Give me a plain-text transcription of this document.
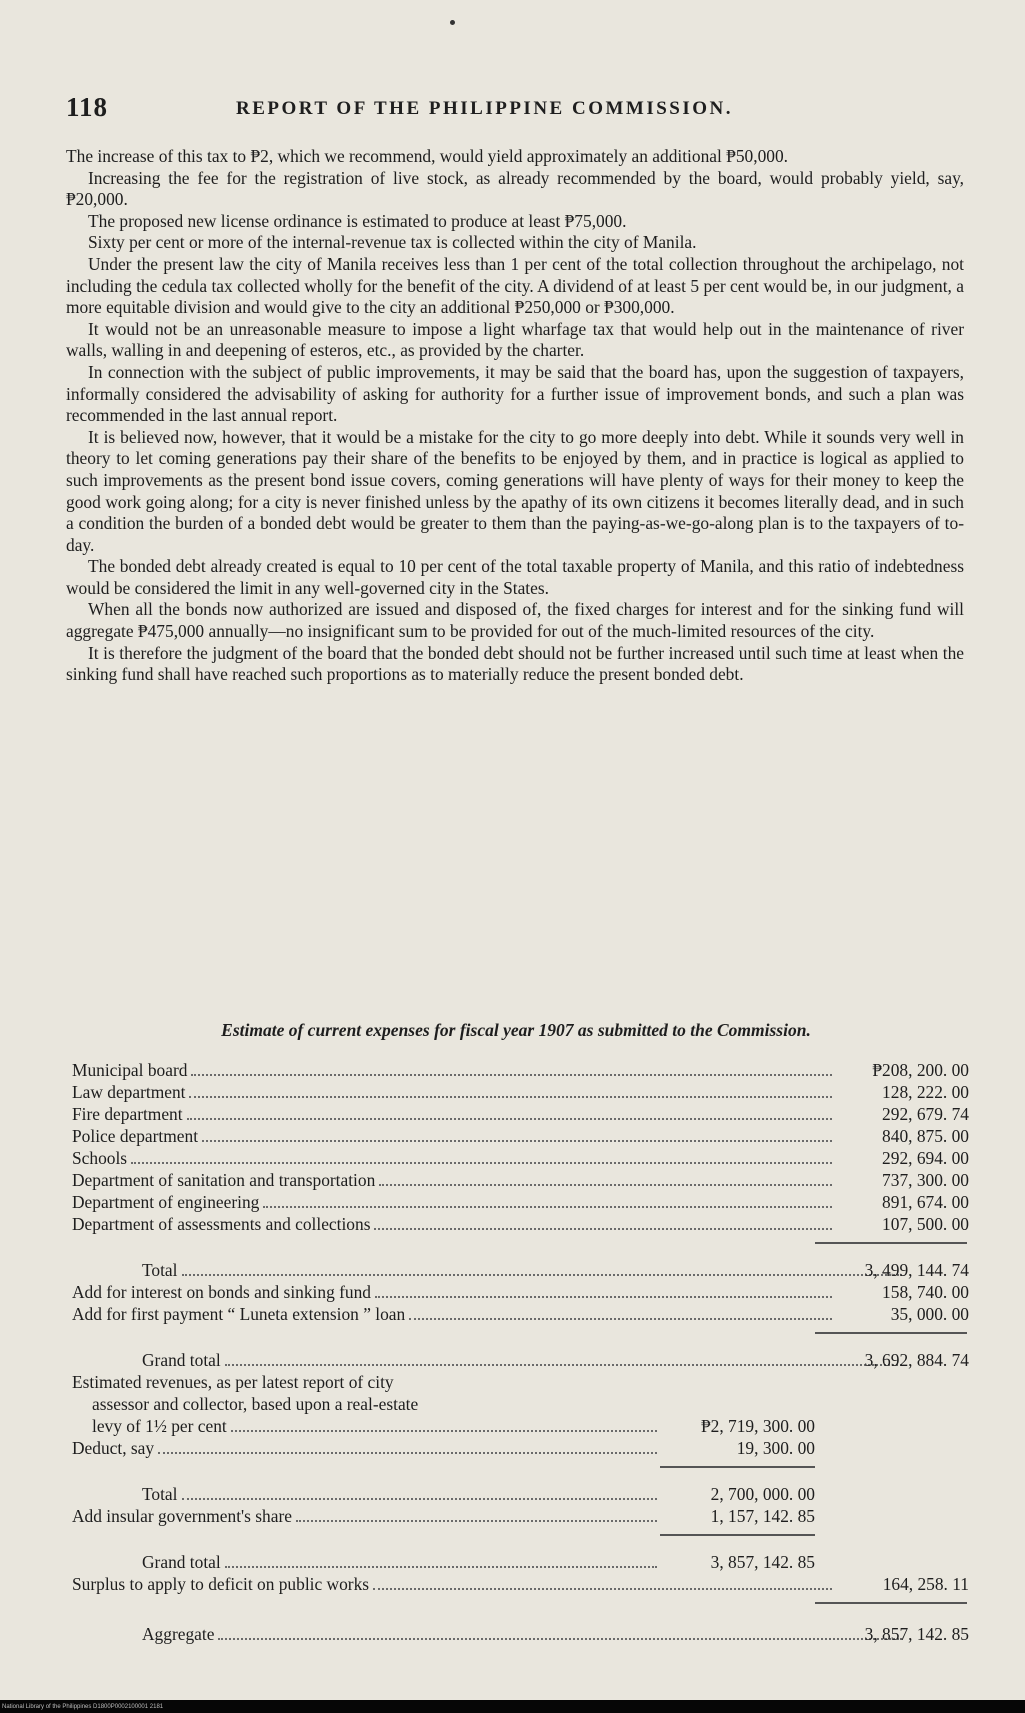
118	REPORT OF THE PHILIPPINE COMMISSION.

The increase of this tax to ₱2, which we recommend, would yield approximately an additional ₱50,000.

Increasing the fee for the registration of live stock, as already recommended by the board, would probably yield, say, ₱20,000.

The proposed new license ordinance is estimated to produce at least ₱75,000.

Sixty per cent or more of the internal-revenue tax is collected within the city of Manila.

Under the present law the city of Manila receives less than 1 per cent of the total collection throughout the archipelago, not including the cedula tax collected wholly for the benefit of the city. A dividend of at least 5 per cent would be, in our judgment, a more equitable division and would give to the city an additional ₱250,000 or ₱300,000.

It would not be an unreasonable measure to impose a light wharfage tax that would help out in the maintenance of river walls, walling in and deepening of esteros, etc., as provided by the charter.

In connection with the subject of public improvements, it may be said that the board has, upon the suggestion of taxpayers, informally considered the advisability of asking for authority for a further issue of improvement bonds, and such a plan was recommended in the last annual report.

It is believed now, however, that it would be a mistake for the city to go more deeply into debt. While it sounds very well in theory to let coming generations pay their share of the benefits to be enjoyed by them, and in practice is logical as applied to such improvements as the present bond issue covers, coming generations will have plenty of ways for their money to keep the good work going along; for a city is never finished unless by the apathy of its own citizens it becomes literally dead, and in such a condition the burden of a bonded debt would be greater to them than the paying-as-we-go-along plan is to the taxpayers of to-day.

The bonded debt already created is equal to 10 per cent of the total taxable property of Manila, and this ratio of indebtedness would be considered the limit in any well-governed city in the States.

When all the bonds now authorized are issued and disposed of, the fixed charges for interest and for the sinking fund will aggregate ₱475,000 annually—no insignificant sum to be provided for out of the much-limited resources of the city.

It is therefore the judgment of the board that the bonded debt should not be further increased until such time at least when the sinking fund shall have reached such proportions as to materially reduce the present bonded debt.

Estimate of current expenses for fiscal year 1907 as submitted to the Commission.
Municipal board	₱208, 200. 00
Law department	128, 222. 00
Fire department	292, 679. 74
Police department	840, 875. 00
Schools	292, 694. 00
Department of sanitation and transportation	737, 300. 00
Department of engineering	891, 674. 00
Department of assessments and collections	107, 500. 00
Total	3, 499, 144. 74
Add for interest on bonds and sinking fund	158, 740. 00
Add for first payment “ Luneta extension ” loan	35, 000. 00
Grand total	3, 692, 884. 74
Estimated revenues, as per latest report of city
assessor and collector, based upon a real-estate
levy of 1½ per cent	₱2, 719, 300. 00
Deduct, say	19, 300. 00
Total	2, 700, 000. 00
Add insular government's share	1, 157, 142. 85
Grand total	3, 857, 142. 85
Surplus to apply to deficit on public works	164, 258. 11
Aggregate	3, 857, 142. 85
National Library of the Philippines D1800P0002100001 2181
